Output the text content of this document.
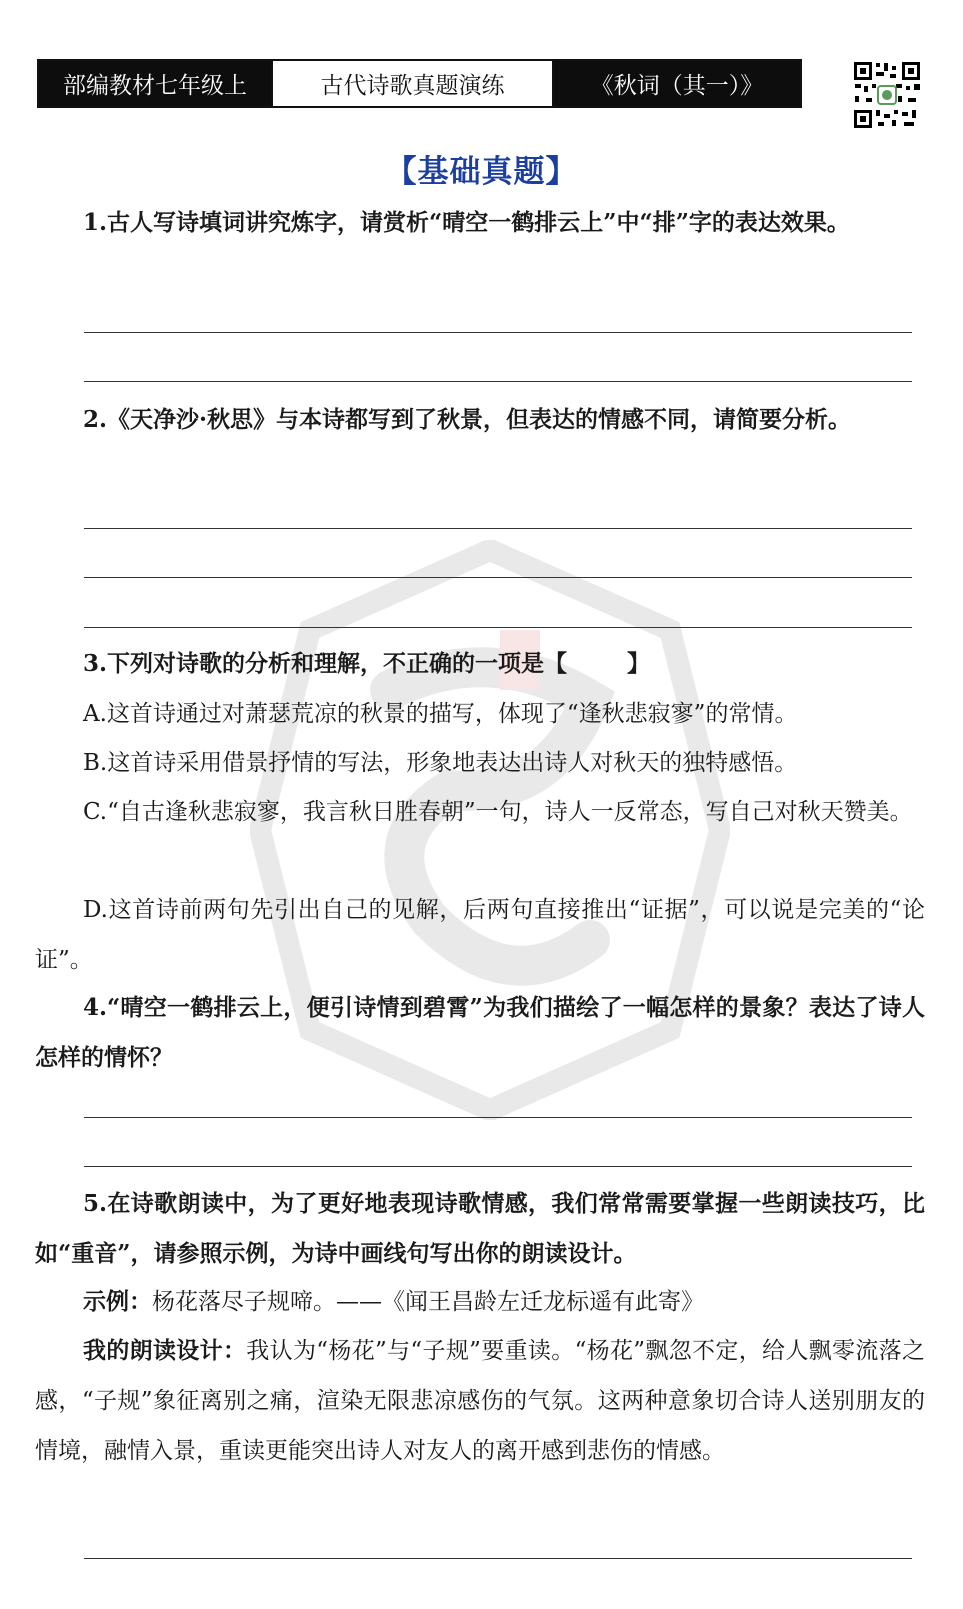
部编教材七年级上	古代诗歌真题演练	《秋词（其一）》
【基础真题】

1.古人写诗填词讲究炼字，请赏析“晴空一鹤排云上”中“排”字的表达效果。

2.《天净沙·秋思》与本诗都写到了秋景，但表达的情感不同，请简要分析。

3.下列对诗歌的分析和理解，不正确的一项是【	】

A.这首诗通过对萧瑟荒凉的秋景的描写，体现了“逢秋悲寂寥”的常情。

B.这首诗采用借景抒情的写法，形象地表达出诗人对秋天的独特感悟。

C.“自古逢秋悲寂寥，我言秋日胜春朝”一句，诗人一反常态，写自己对秋天赞美。

D.这首诗前两句先引出自己的见解，后两句直接推出“证据”，可以说是完美的“论证”。

4.“晴空一鹤排云上，便引诗情到碧霄”为我们描绘了一幅怎样的景象？表达了诗人怎样的情怀？

5.在诗歌朗读中，为了更好地表现诗歌情感，我们常常需要掌握一些朗读技巧，比如“重音”，请参照示例，为诗中画线句写出你的朗读设计。

示例：杨花落尽子规啼。——《闻王昌龄左迁龙标遥有此寄》

我的朗读设计：我认为“杨花”与“子规”要重读。“杨花”飘忽不定，给人飘零流落之感，“子规”象征离别之痛，渲染无限悲凉感伤的气氛。这两种意象切合诗人送别朋友的情境，融情入景，重读更能突出诗人对友人的离开感到悲伤的情感。
